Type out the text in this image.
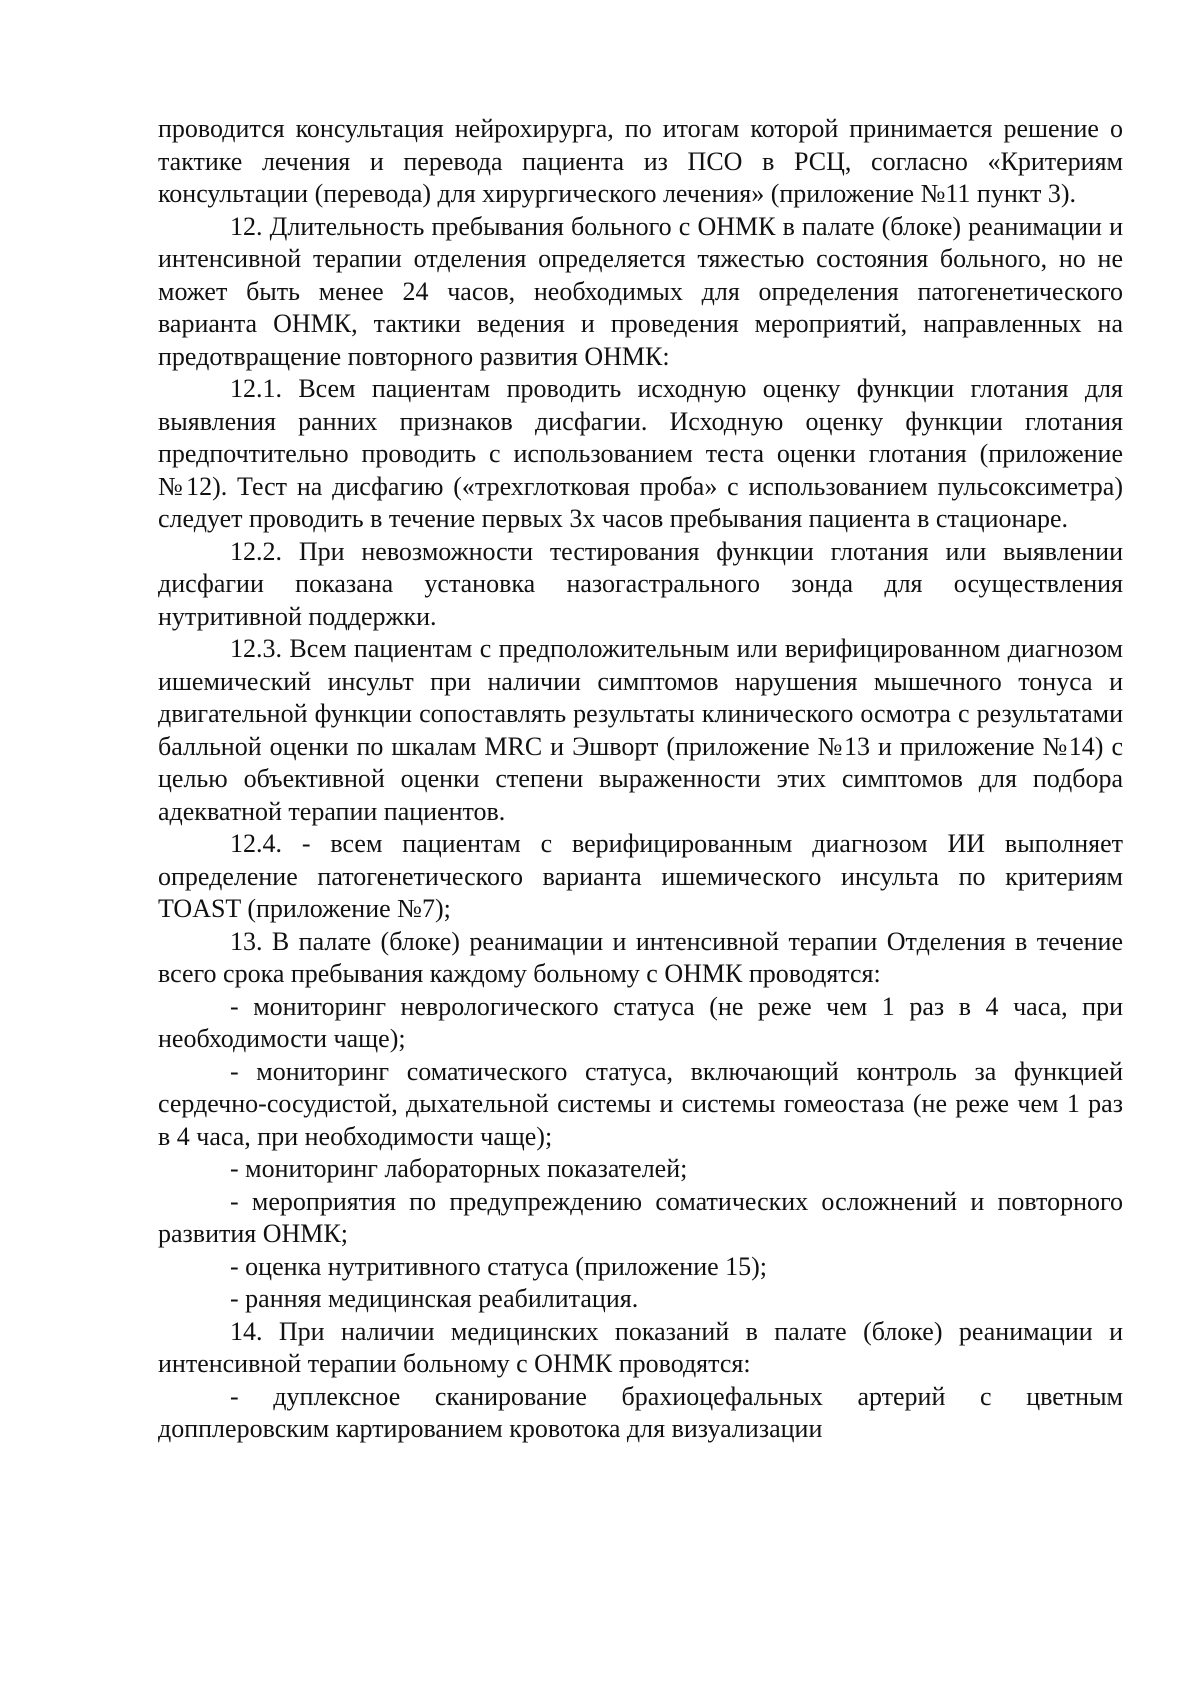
проводится консультация нейрохирурга, по итогам которой принимается решение о тактике лечения и перевода пациента из ПСО в РСЦ, согласно «Критериям консультации (перевода) для хирургического лечения» (приложение №11 пункт 3).

12. Длительность пребывания больного с ОНМК в палате (блоке) реанимации и интенсивной терапии отделения определяется тяжестью состояния больного, но не может быть менее 24 часов, необходимых для определения патогенетического варианта ОНМК, тактики ведения и проведения мероприятий, направленных на предотвращение повторного развития ОНМК:

12.1. Всем пациентам проводить исходную оценку функции глотания для выявления ранних признаков дисфагии. Исходную оценку функции глотания предпочтительно проводить с использованием теста оценки глотания (приложение №12). Тест на дисфагию («трехглотковая проба» с использованием пульсоксиметра) следует проводить в течение первых 3х часов пребывания пациента в стационаре.

12.2. При невозможности тестирования функции глотания или выявлении дисфагии показана установка назогастрального зонда для осуществления нутритивной поддержки.

12.3. Всем пациентам с предположительным или верифицированном диагнозом ишемический инсульт при наличии симптомов нарушения мышечного тонуса и двигательной функции сопоставлять результаты клинического осмотра с результатами балльной оценки по шкалам MRC и Эшворт (приложение №13 и приложение №14) с целью объективной оценки степени выраженности этих симптомов для подбора адекватной терапии пациентов.

12.4. - всем пациентам с верифицированным диагнозом ИИ выполняет определение патогенетического варианта ишемического инсульта по критериям TOAST (приложение №7);

13. В палате (блоке) реанимации и интенсивной терапии Отделения в течение всего срока пребывания каждому больному с ОНМК проводятся:

- мониторинг неврологического статуса (не реже чем 1 раз в 4 часа, при необходимости чаще);

- мониторинг соматического статуса, включающий контроль за функцией сердечно-сосудистой, дыхательной системы и системы гомеостаза (не реже чем 1 раз в 4 часа, при необходимости чаще);

- мониторинг лабораторных показателей;

- мероприятия по предупреждению соматических осложнений и повторного развития ОНМК;

- оценка нутритивного статуса (приложение 15);

- ранняя медицинская реабилитация.

14. При наличии медицинских показаний в палате (блоке) реанимации и интенсивной терапии больному с ОНМК проводятся:

- дуплексное сканирование брахиоцефальных артерий с цветным допплеровским картированием кровотока для визуализации
